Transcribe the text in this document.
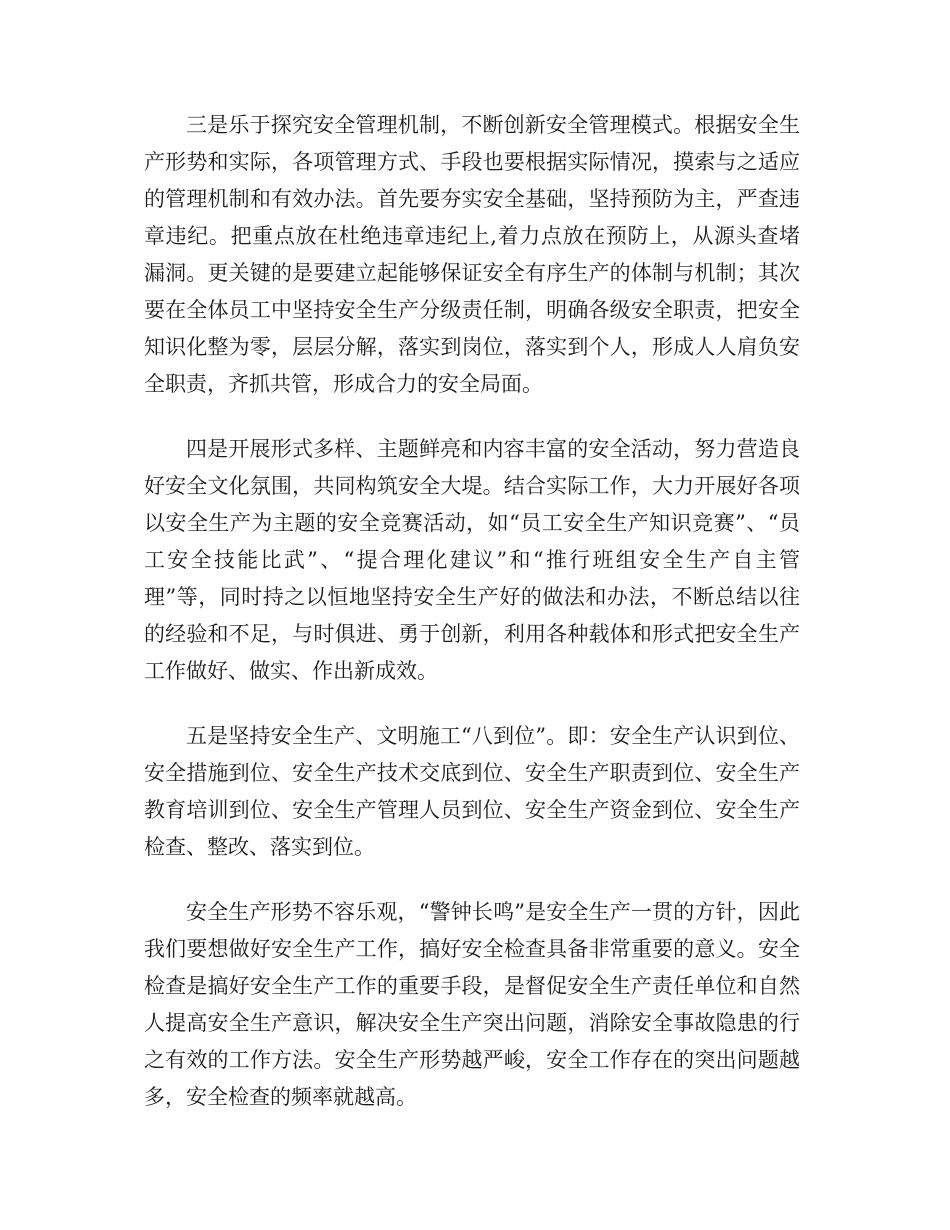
三是乐于探究安全管理机制，不断创新安全管理模式。根据安全生产形势和实际，各项管理方式、手段也要根据实际情况，摸索与之适应的管理机制和有效办法。首先要夯实安全基础，坚持预防为主，严查违章违纪。把重点放在杜绝违章违纪上,着力点放在预防上，从源头查堵漏洞。更关键的是要建立起能够保证安全有序生产的体制与机制；其次要在全体员工中坚持安全生产分级责任制，明确各级安全职责，把安全知识化整为零，层层分解，落实到岗位，落实到个人，形成人人肩负安全职责，齐抓共管，形成合力的安全局面。

四是开展形式多样、主题鲜亮和内容丰富的安全活动，努力营造良好安全文化氛围，共同构筑安全大堤。结合实际工作，大力开展好各项以安全生产为主题的安全竞赛活动，如“员工安全生产知识竞赛”、“员工安全技能比武”、“提合理化建议”和“推行班组安全生产自主管理”等，同时持之以恒地坚持安全生产好的做法和办法，不断总结以往的经验和不足，与时俱进、勇于创新，利用各种载体和形式把安全生产工作做好、做实、作出新成效。

五是坚持安全生产、文明施工“八到位”。即：安全生产认识到位、安全措施到位、安全生产技术交底到位、安全生产职责到位、安全生产教育培训到位、安全生产管理人员到位、安全生产资金到位、安全生产检查、整改、落实到位。

安全生产形势不容乐观，“警钟长鸣”是安全生产一贯的方针，因此我们要想做好安全生产工作，搞好安全检查具备非常重要的意义。安全检查是搞好安全生产工作的重要手段，是督促安全生产责任单位和自然人提高安全生产意识，解决安全生产突出问题，消除安全事故隐患的行之有效的工作方法。安全生产形势越严峻，安全工作存在的突出问题越多，安全检查的频率就越高。
